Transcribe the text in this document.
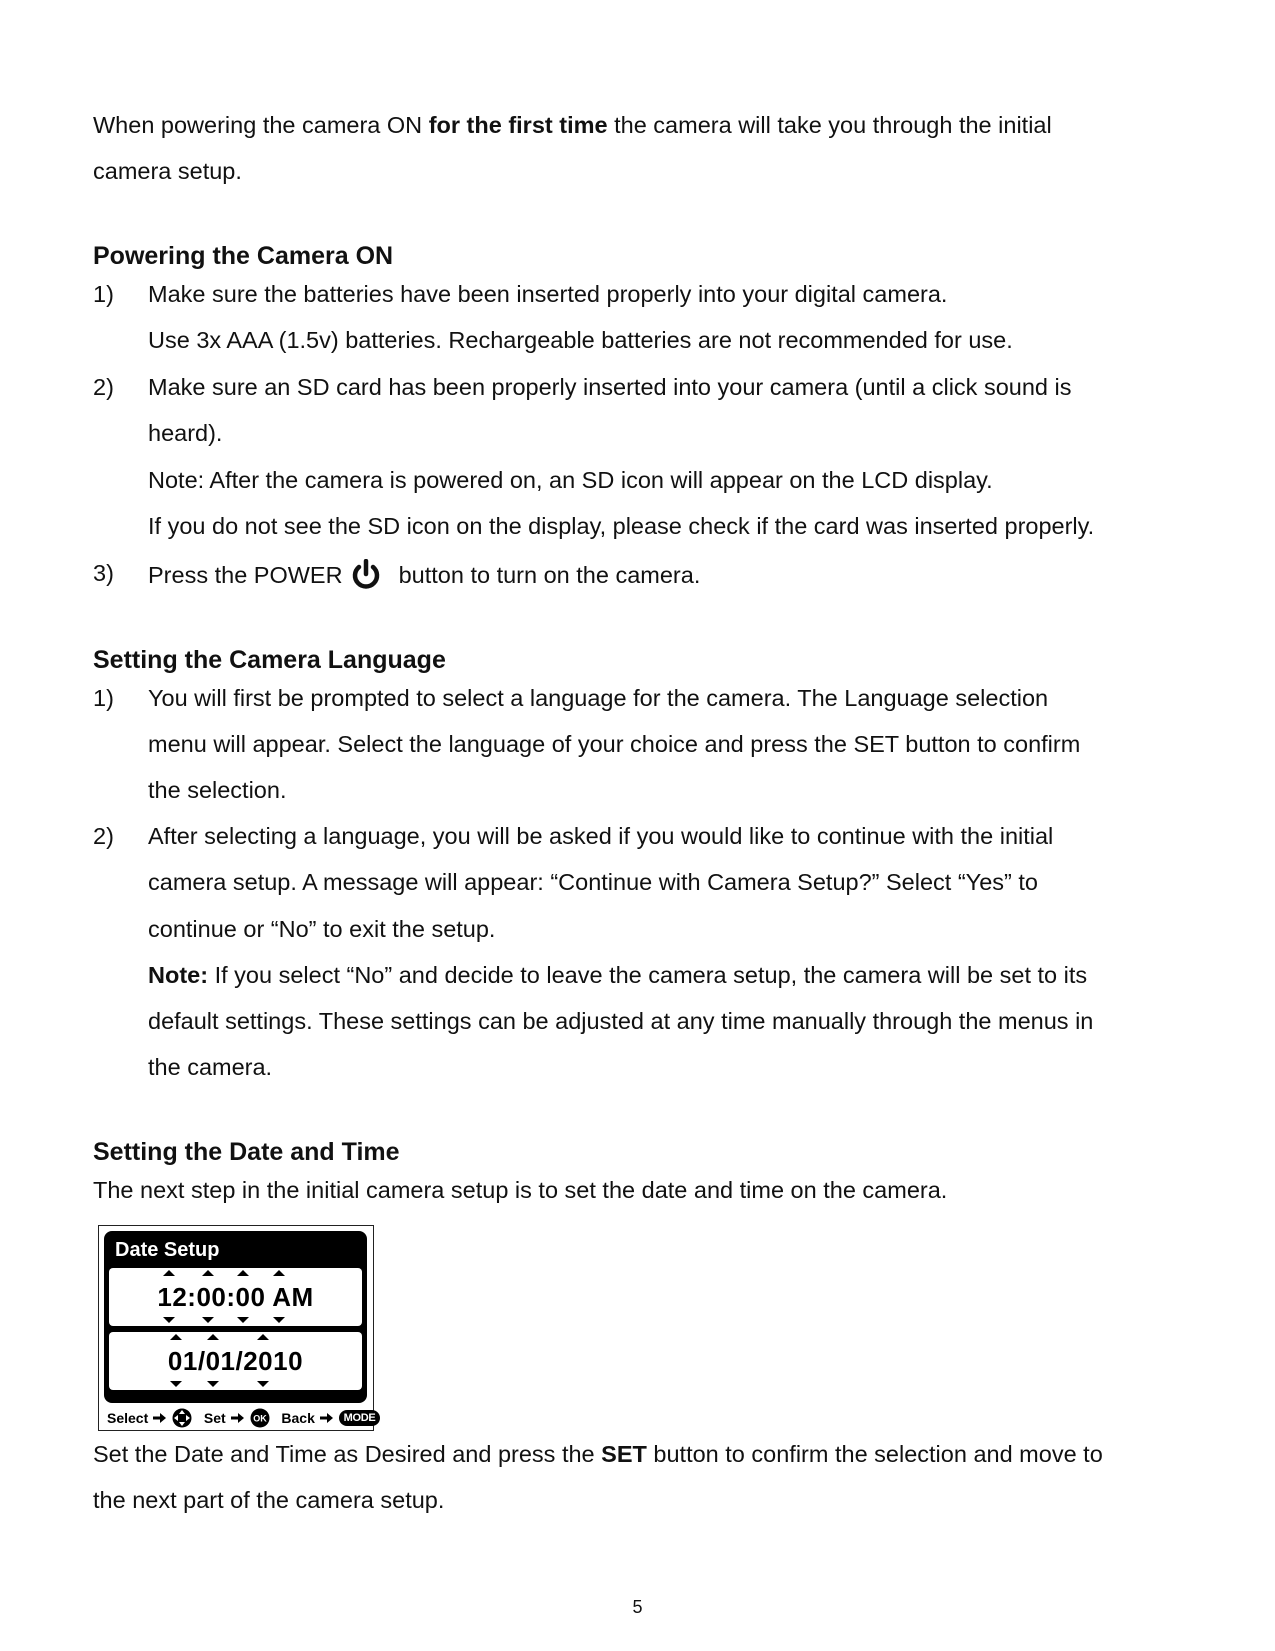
When powering the camera ON for the first time the camera will take you through the initial
camera setup.
Powering the Camera ON
1) Make sure the batteries have been inserted properly into your digital camera.
Use 3x AAA (1.5v) batteries. Rechargeable batteries are not recommended for use.
2) Make sure an SD card has been properly inserted into your camera (until a click sound is
heard).
Note: After the camera is powered on, an SD icon will appear on the LCD display.
If you do not see the SD icon on the display, please check if the card was inserted properly.
3) Press the POWER button to turn on the camera.
Setting the Camera Language
1) You will first be prompted to select a language for the camera. The Language selection
menu will appear. Select the language of your choice and press the SET button to confirm
the selection.
2) After selecting a language, you will be asked if you would like to continue with the initial
camera setup. A message will appear: “Continue with Camera Setup?” Select “Yes” to
continue or “No” to exit the setup.
Note: If you select “No” and decide to leave the camera setup, the camera will be set to its
default settings. These settings can be adjusted at any time manually through the menus in
the camera.
Setting the Date and Time
The next step in the initial camera setup is to set the date and time on the camera.
Date Setup
12:00:00 AM
01/01/2010
Select	Set	OK Back	MODE
Set the Date and Time as Desired and press the SET button to confirm the selection and move to
the next part of the camera setup.
5
